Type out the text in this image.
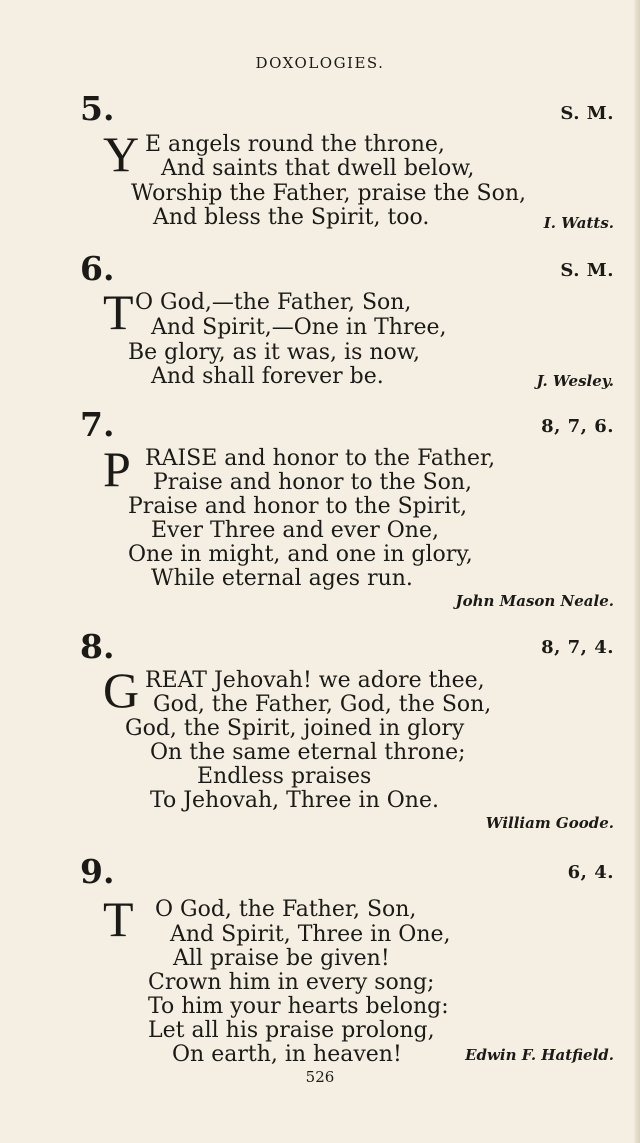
DOXOLOGIES.
5.	S. M.
Y E angels round the throne,
And saints that dwell below,
Worship the Father, praise the Son,
And bless the Spirit, too.	I. Watts.
6.	S. M.
T O God,—the Father, Son,
And Spirit,—One in Three,
Be glory, as it was, is now,
And shall forever be.	J. Wesley.
7.	8, 7, 6.
P RAISE and honor to the Father,
Praise and honor to the Son,
Praise and honor to the Spirit,
Ever Three and ever One,
One in might, and one in glory,
While eternal ages run.
John Mason Neale.
8.	8, 7, 4.
G REAT Jehovah! we adore thee,
God, the Father, God, the Son,
God, the Spirit, joined in glory
On the same eternal throne;
Endless praises
To Jehovah, Three in One.
William Goode.
9.	6, 4.
T O God, the Father, Son,
And Spirit, Three in One,
All praise be given!
Crown him in every song;
To him your hearts belong:
Let all his praise prolong,
On earth, in heaven!	Edwin F. Hatfield.
526
